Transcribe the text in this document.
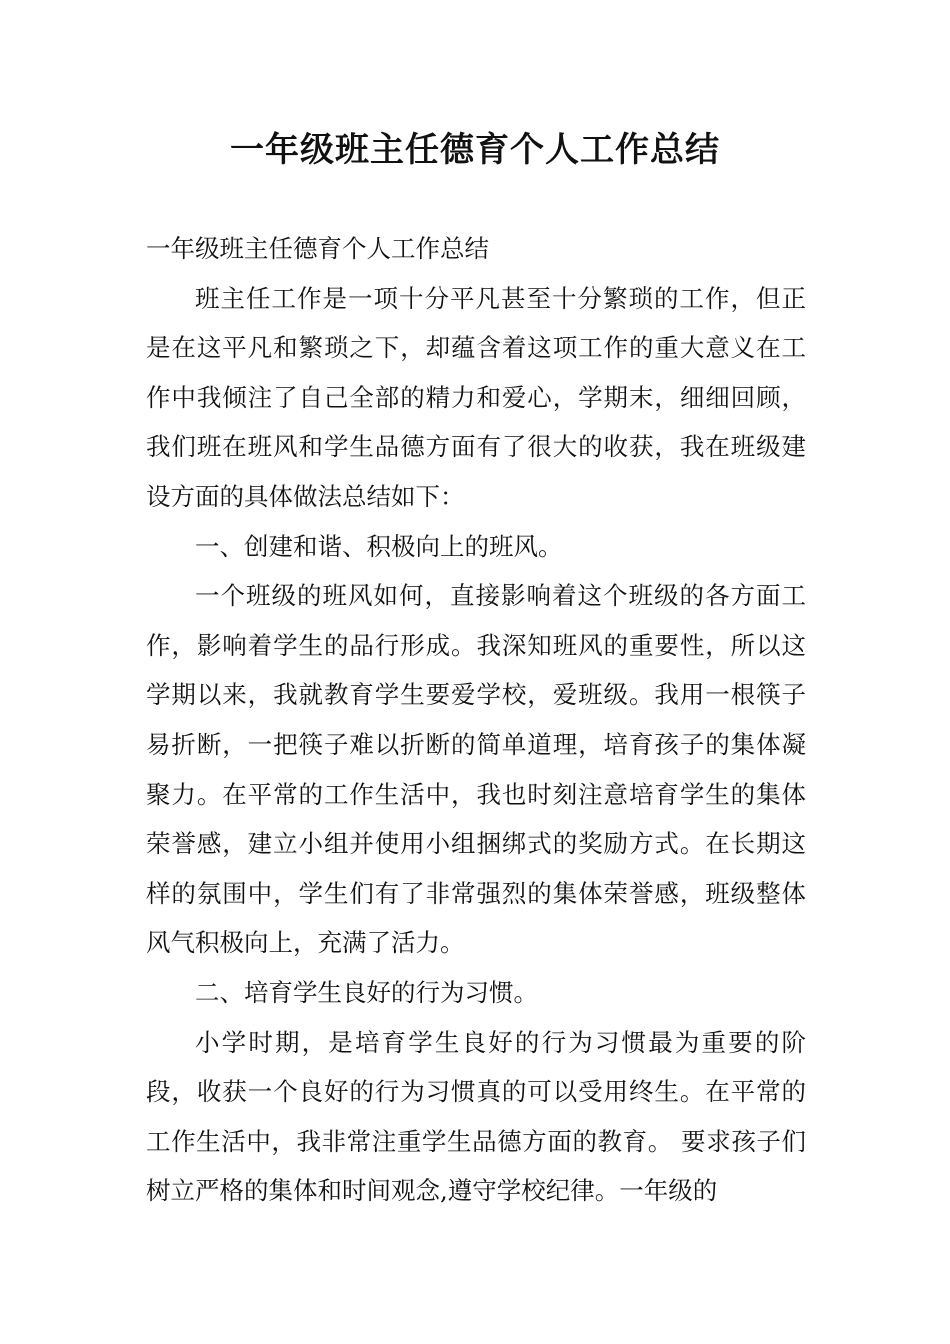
一年级班主任德育个人工作总结

一年级班主任德育个人工作总结

班主任工作是一项十分平凡甚至十分繁琐的工作，但正是在这平凡和繁琐之下，却蕴含着这项工作的重大意义在工作中我倾注了自己全部的精力和爱心，学期末，细细回顾，我们班在班风和学生品德方面有了很大的收获，我在班级建设方面的具体做法总结如下：

一、创建和谐、积极向上的班风。

一个班级的班风如何，直接影响着这个班级的各方面工作，影响着学生的品行形成。我深知班风的重要性，所以这学期以来，我就教育学生要爱学校，爱班级。我用一根筷子易折断，一把筷子难以折断的简单道理，培育孩子的集体凝聚力。在平常的工作生活中，我也时刻注意培育学生的集体荣誉感，建立小组并使用小组捆绑式的奖励方式。在长期这样的氛围中，学生们有了非常强烈的集体荣誉感，班级整体风气积极向上，充满了活力。

二、培育学生良好的行为习惯。

小学时期，是培育学生良好的行为习惯最为重要的阶段，收获一个良好的行为习惯真的可以受用终生。在平常的工作生活中，我非常注重学生品德方面的教育。 要求孩子们树立严格的集体和时间观念,遵守学校纪律。一年级的
